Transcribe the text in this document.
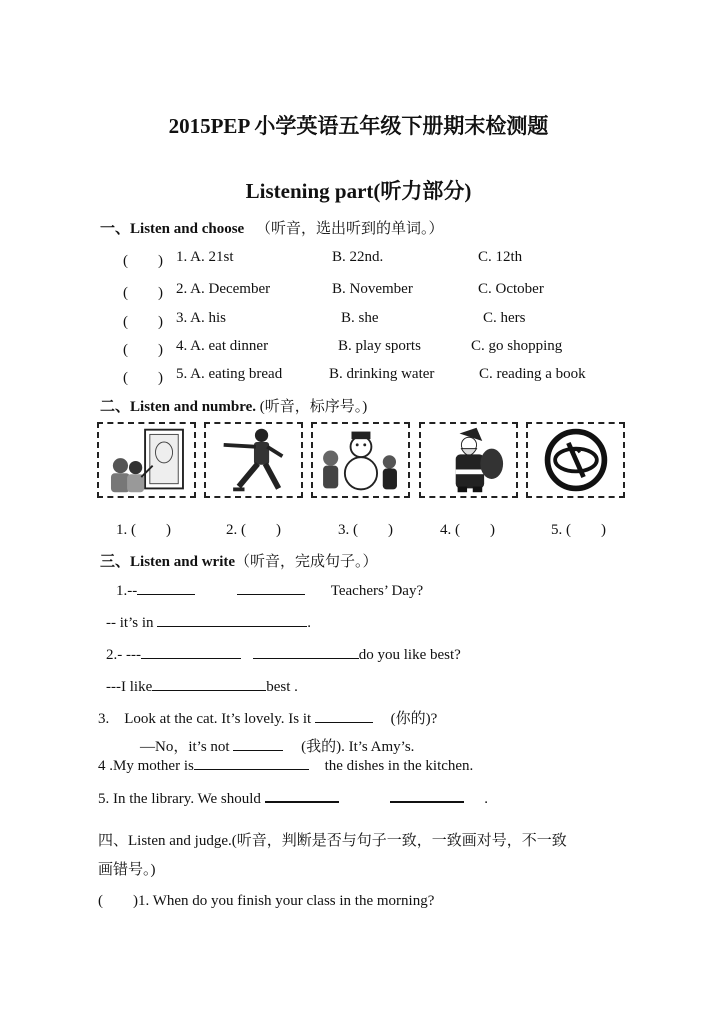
2015PEP 小学英语五年级下册期末检测题
Listening part(听力部分)
一、Listen and choose （听音，选出听到的单词。）
(　　) 1. A. 21st	B. 22nd.	C. 12th
(　　) 2. A. December	B. November	C. October
(　　) 3. A. his	B. she	C. hers
(　　) 4. A. eat dinner	B. play sports	C. go shopping
(　　) 5. A. eating bread	B. drinking water	C. reading a book
二、Listen and numbre. (听音，标序号。)
1. (　　)	2. (　　)	3. (　　)	4. (　　)	5. (　　)
三、Listen and write（听音，完成句子。）
1.--	Teachers’ Day?
-- it’s in	.
2.- ---	do you like best?
---I like	best .
3.　Look at the cat. It’s lovely. Is it	(你的)?
—No，it’s not	(我的). It’s Amy’s.
4 .My mother is	the dishes in the kitchen.
5. In the library. We should	.
四、Listen and judge.(听音，判断是否与句子一致，一致画对号，不一致
画错号。)
(　　)1. When do you finish your class in the morning?
